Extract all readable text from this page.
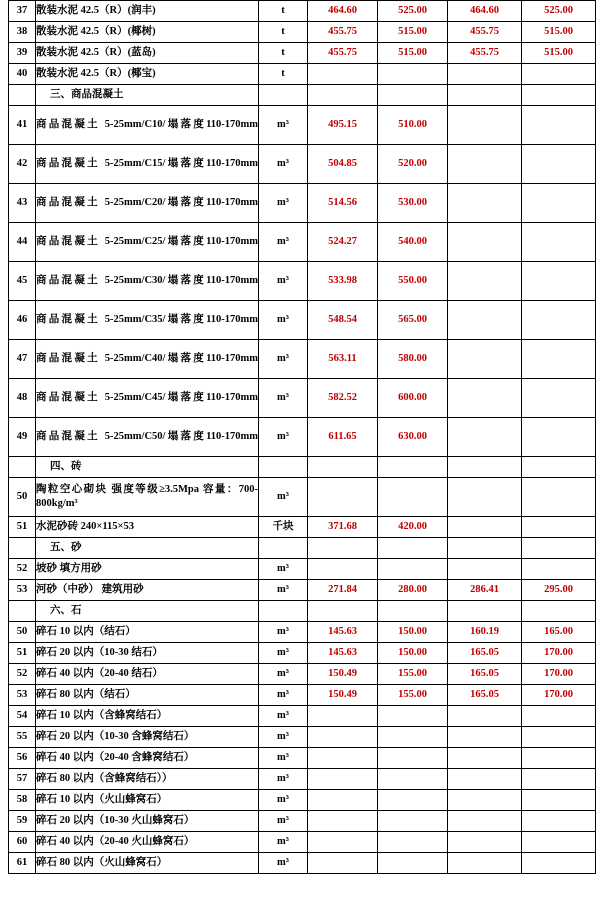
37	散装水泥 42.5（R）(润丰)	t	464.60	525.00	464.60	525.00
38	散装水泥 42.5（R）(椰树)	t	455.75	515.00	455.75	515.00
39	散装水泥 42.5（R）(蓝岛)	t	455.75	515.00	455.75	515.00
40	散装水泥 42.5（R）(椰宝)	t				
	三、商品混凝土					
41	商品混凝土 5-25mm/C10/塌落度110-170mm	m³	495.15	510.00		
42	商品混凝土 5-25mm/C15/塌落度110-170mm	m³	504.85	520.00		
43	商品混凝土 5-25mm/C20/塌落度110-170mm	m³	514.56	530.00		
44	商品混凝土 5-25mm/C25/塌落度110-170mm	m³	524.27	540.00		
45	商品混凝土 5-25mm/C30/塌落度110-170mm	m³	533.98	550.00		
46	商品混凝土 5-25mm/C35/塌落度110-170mm	m³	548.54	565.00		
47	商品混凝土 5-25mm/C40/塌落度110-170mm	m³	563.11	580.00		
48	商品混凝土 5-25mm/C45/塌落度110-170mm	m³	582.52	600.00		
49	商品混凝土 5-25mm/C50/塌落度110-170mm	m³	611.65	630.00		
	四、砖					
50	陶粒空心砌块 强度等级≥3.5Mpa 容量：700-800kg/m³	m³				
51	水泥砂砖 240×115×53	千块	371.68	420.00		
	五、砂					
52	坡砂 填方用砂	m³				
53	河砂（中砂） 建筑用砂	m³	271.84	280.00	286.41	295.00
	六、石					
50	碎石 10 以内（结石）	m³	145.63	150.00	160.19	165.00
51	碎石 20 以内（10-30 结石）	m³	145.63	150.00	165.05	170.00
52	碎石 40 以内（20-40 结石）	m³	150.49	155.00	165.05	170.00
53	碎石 80 以内（结石）	m³	150.49	155.00	165.05	170.00
54	碎石 10 以内（含蜂窝结石）	m³				
55	碎石 20 以内（10-30 含蜂窝结石）	m³				
56	碎石 40 以内（20-40 含蜂窝结石）	m³				
57	碎石 80 以内（含蜂窝结石））	m³				
58	碎石 10 以内（火山蜂窝石）	m³				
59	碎石 20 以内（10-30 火山蜂窝石）	m³				
60	碎石 40 以内（20-40 火山蜂窝石）	m³				
61	碎石 80 以内（火山蜂窝石）	m³				
